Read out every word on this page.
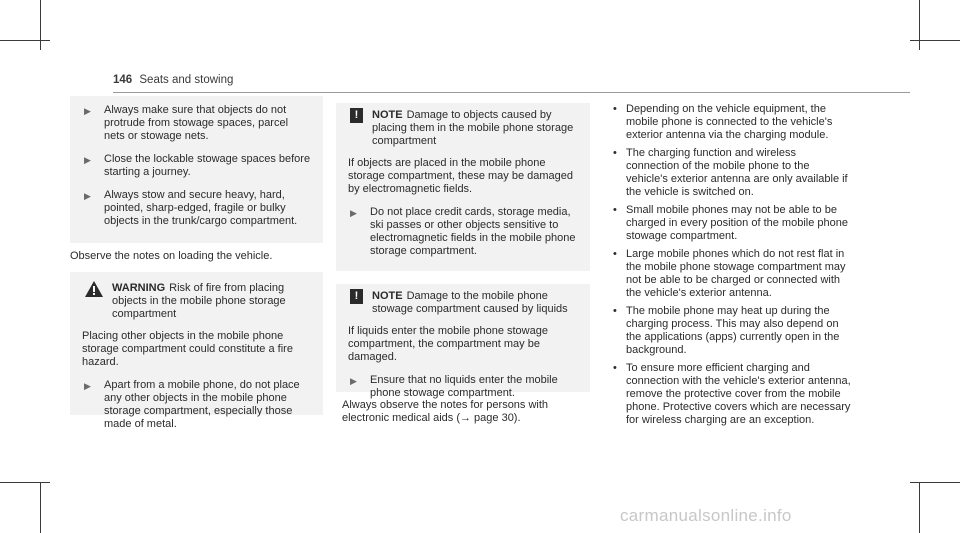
146 Seats and stowing
▶ Always make sure that objects do not protrude from stowage spaces, parcel nets or stowage nets.
▶ Close the lockable stowage spaces before starting a journey.
▶ Always stow and secure heavy, hard, pointed, sharp-edged, fragile or bulky objects in the trunk/cargo compartment.
Observe the notes on loading the vehicle.
WARNING Risk of fire from placing objects in the mobile phone storage compartment
Placing other objects in the mobile phone storage compartment could constitute a fire hazard.
▶ Apart from a mobile phone, do not place any other objects in the mobile phone storage compartment, especially those made of metal.
!	NOTE Damage to objects caused by placing them in the mobile phone storage compartment
If objects are placed in the mobile phone storage compartment, these may be damaged by electromagnetic fields.
▶ Do not place credit cards, storage media, ski passes or other objects sensitive to electromagnetic fields in the mobile phone storage compartment.
!	NOTE Damage to the mobile phone stowage compartment caused by liquids
If liquids enter the mobile phone stowage compartment, the compartment may be damaged.
▶ Ensure that no liquids enter the mobile phone stowage compartment.
Always observe the notes for persons with electronic medical aids (→ page 30).
• Depending on the vehicle equipment, the mobile phone is connected to the vehicle's exterior antenna via the charging module.
• The charging function and wireless connection of the mobile phone to the vehicle's exterior antenna are only available if the vehicle is switched on.
• Small mobile phones may not be able to be charged in every position of the mobile phone stowage compartment.
• Large mobile phones which do not rest flat in the mobile phone stowage compartment may not be able to be charged or connected with the vehicle's exterior antenna.
• The mobile phone may heat up during the charging process. This may also depend on the applications (apps) currently open in the background.
• To ensure more efficient charging and connection with the vehicle's exterior antenna, remove the protective cover from the mobile phone. Protective covers which are necessary for wireless charging are an exception.
carmanualsonline.info
